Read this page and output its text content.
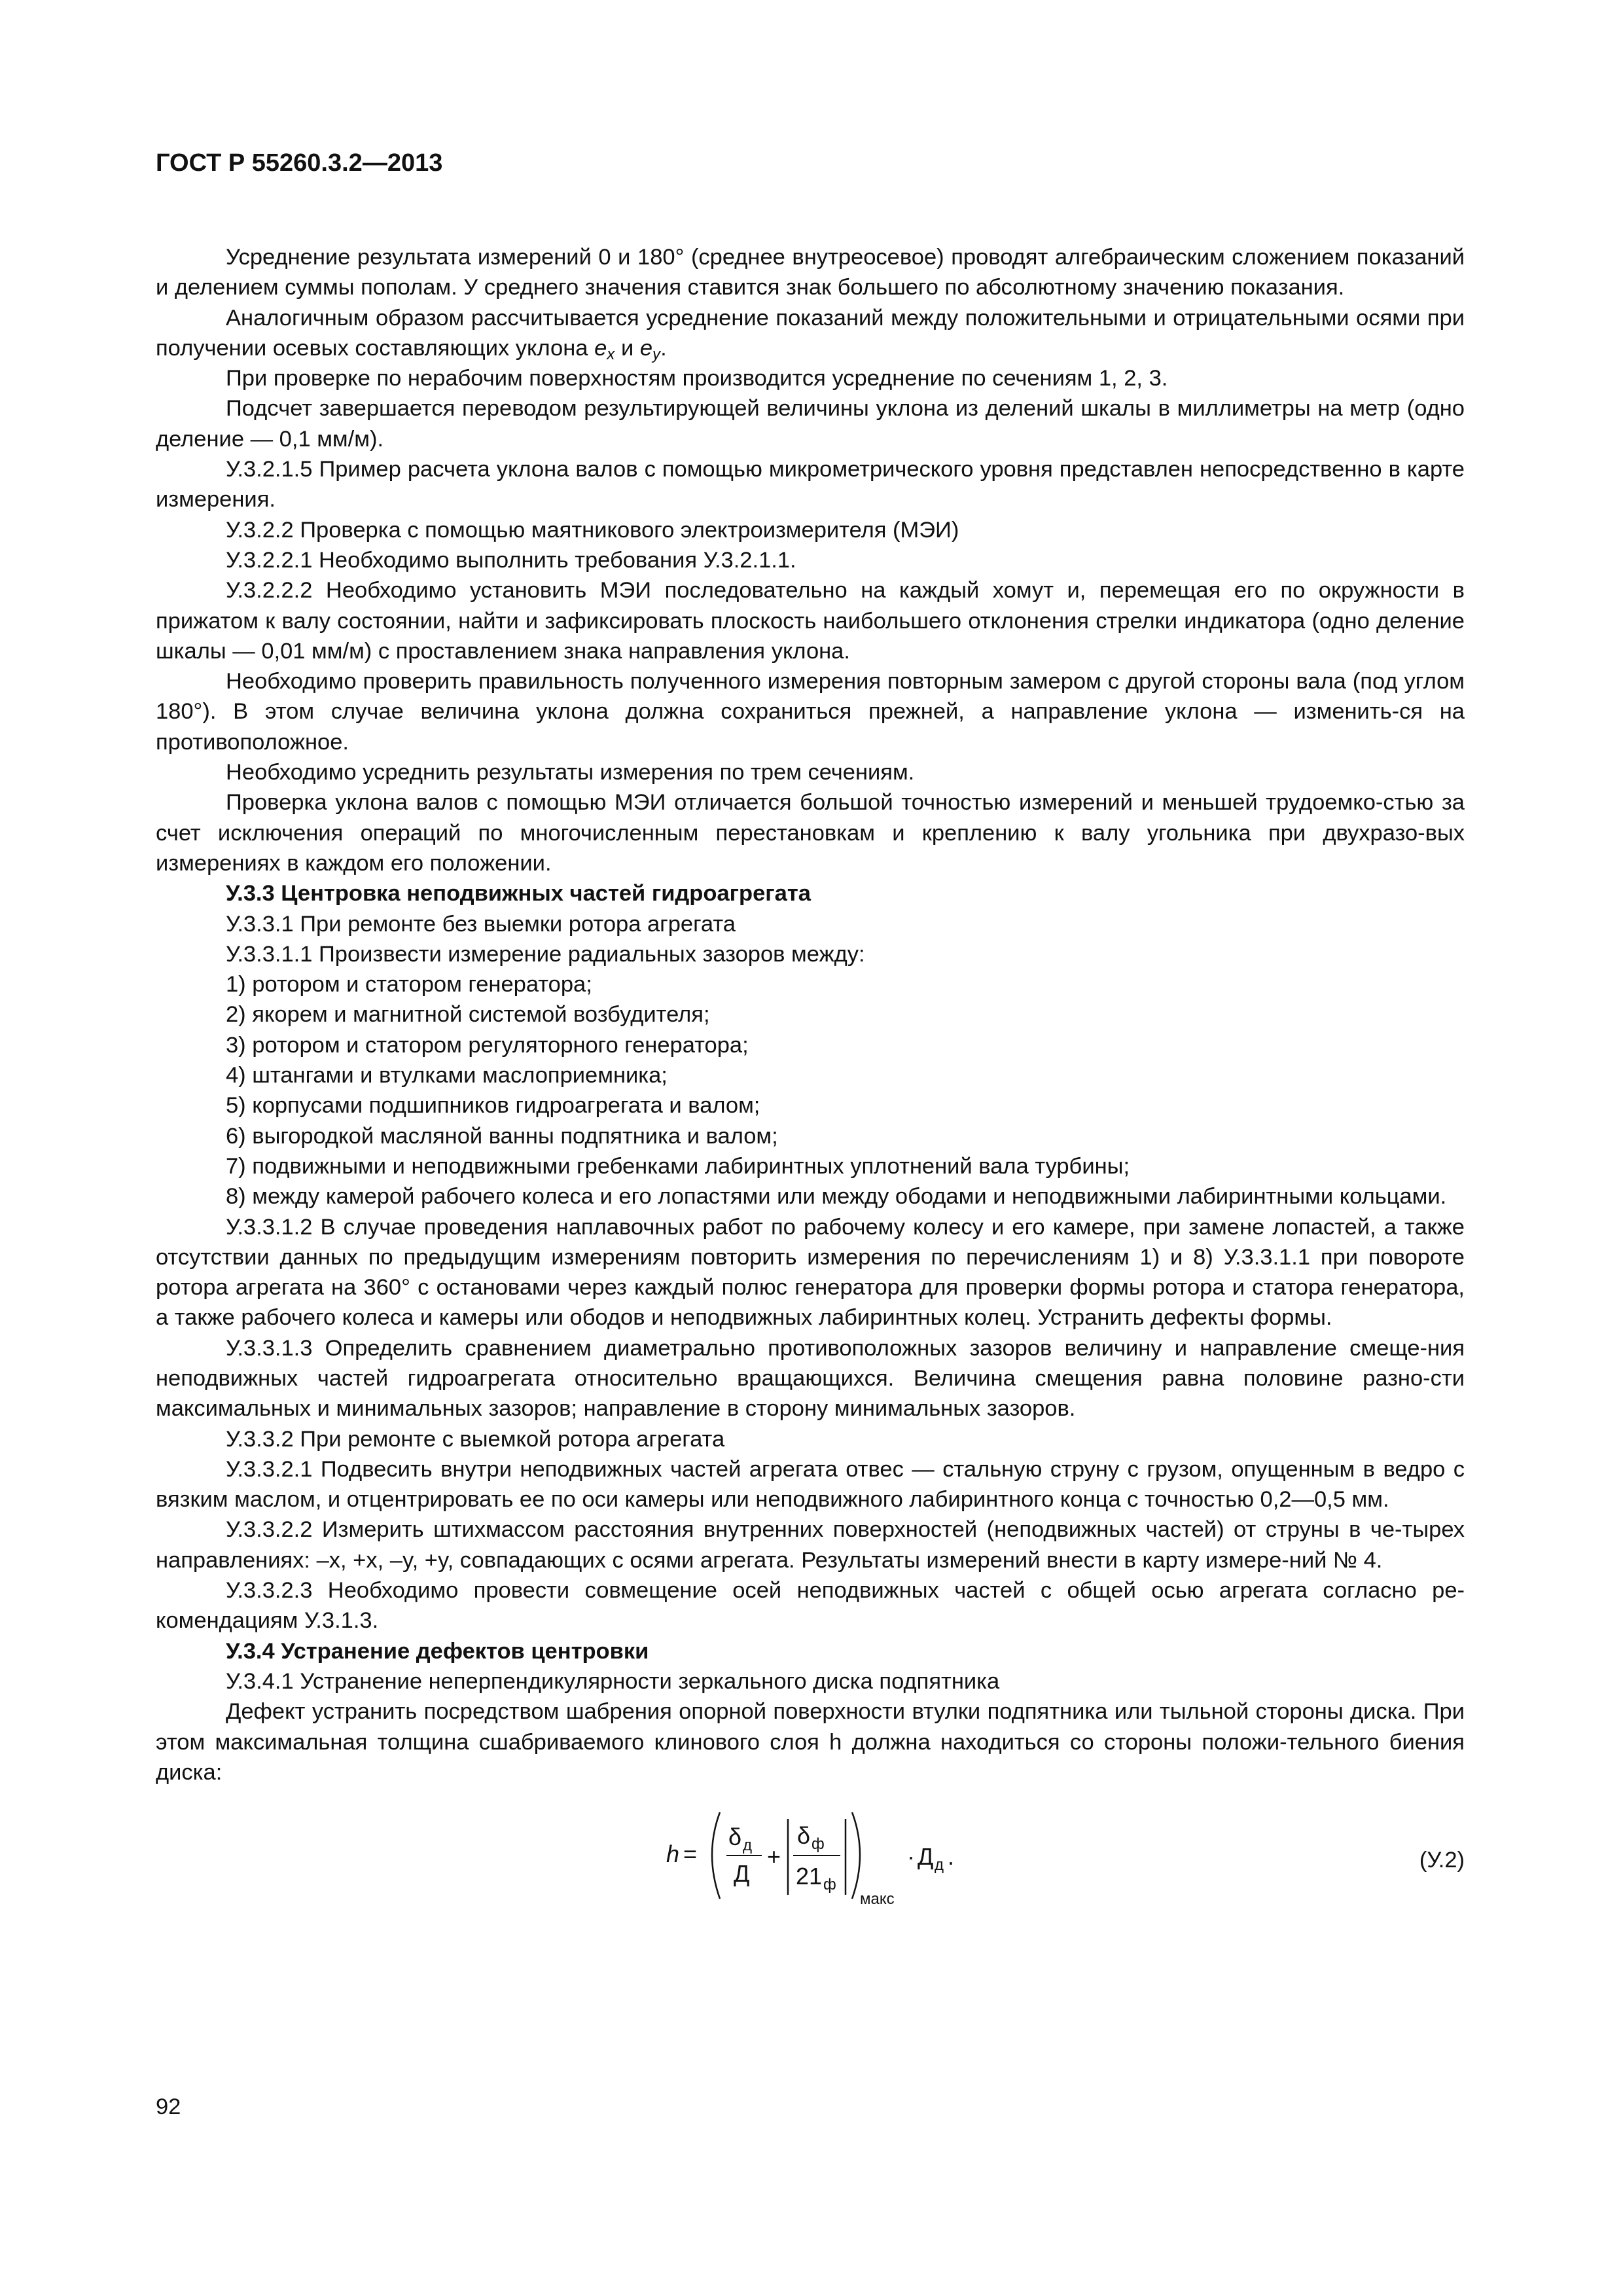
ГОСТ Р 55260.3.2—2013

Усреднение результата измерений 0 и 180° (среднее внутреосевое) проводят алгебраическим сложением показаний и делением суммы пополам. У среднего значения ставится знак большего по абсолютному значению показания.

Аналогичным образом рассчитывается усреднение показаний между положительными и отрицательными осями при получении осевых составляющих уклона $e_x$ и $e_y$.

При проверке по нерабочим поверхностям производится усреднение по сечениям 1, 2, 3.

Подсчет завершается переводом результирующей величины уклона из делений шкалы в миллиметры на метр (одно деление — 0,1 мм/м).

У.3.2.1.5 Пример расчета уклона валов с помощью микрометрического уровня представлен непосредственно в карте измерения.

У.3.2.2 Проверка с помощью маятникового электроизмерителя (МЭИ)

У.3.2.2.1 Необходимо выполнить требования У.3.2.1.1.

У.3.2.2.2 Необходимо установить МЭИ последовательно на каждый хомут и, перемещая его по окружности в прижатом к валу состоянии, найти и зафиксировать плоскость наибольшего отклонения стрелки индикатора (одно деление шкалы — 0,01 мм/м) с проставлением знака направления уклона.

Необходимо проверить правильность полученного измерения повторным замером с другой стороны вала (под углом 180°). В этом случае величина уклона должна сохраниться прежней, а направление уклона — изменить-ся на противоположное.

Необходимо усреднить результаты измерения по трем сечениям.

Проверка уклона валов с помощью МЭИ отличается большой точностью измерений и меньшей трудоемко-стью за счет исключения операций по многочисленным перестановкам и креплению к валу угольника при двухразо-вых измерениях в каждом его положении.

У.3.3 Центровка неподвижных частей гидроагрегата

У.3.3.1 При ремонте без выемки ротора агрегата

У.3.3.1.1 Произвести измерение радиальных зазоров между:

1) ротором и статором генератора;

2) якорем и магнитной системой возбудителя;

3) ротором и статором регуляторного генератора;

4) штангами и втулками маслоприемника;

5) корпусами подшипников гидроагрегата и валом;

6) выгородкой масляной ванны подпятника и валом;

7) подвижными и неподвижными гребенками лабиринтных уплотнений вала турбины;

8) между камерой рабочего колеса и его лопастями или между ободами и неподвижными лабиринтными кольцами.

У.3.3.1.2 В случае проведения наплавочных работ по рабочему колесу и его камере, при замене лопастей, а также отсутствии данных по предыдущим измерениям повторить измерения по перечислениям 1) и 8) У.3.3.1.1 при повороте ротора агрегата на 360° с остановами через каждый полюс генератора для проверки формы ротора и статора генератора, а также рабочего колеса и камеры или ободов и неподвижных лабиринтных колец. Устранить дефекты формы.

У.3.3.1.3 Определить сравнением диаметрально противоположных зазоров величину и направление смеще-ния неподвижных частей гидроагрегата относительно вращающихся. Величина смещения равна половине разно-сти максимальных и минимальных зазоров; направление в сторону минимальных зазоров.

У.3.3.2 При ремонте с выемкой ротора агрегата

У.3.3.2.1 Подвесить внутри неподвижных частей агрегата отвес — стальную струну с грузом, опущенным в ведро с вязким маслом, и отцентрировать ее по оси камеры или неподвижного лабиринтного конца с точностью 0,2—0,5 мм.

У.3.3.2.2 Измерить штихмассом расстояния внутренних поверхностей (неподвижных частей) от струны в че-тырех направлениях: –x, +x, –y, +y, совпадающих с осями агрегата. Результаты измерений внести в карту измере-ний № 4.

У.3.3.2.3 Необходимо провести совмещение осей неподвижных частей с общей осью агрегата согласно ре-комендациям У.3.1.3.

У.3.4 Устранение дефектов центровки

У.3.4.1 Устранение неперпендикулярности зеркального диска подпятника

Дефект устранить посредством шабрения опорной поверхности втулки подпятника или тыльной стороны диска. При этом максимальная толщина сшабриваемого клинового слоя h должна находиться со стороны положи-тельного биения диска:

h =
δ д
Д
+
δ ф
21 ф
макс
· Д д .	(У.2)
92
